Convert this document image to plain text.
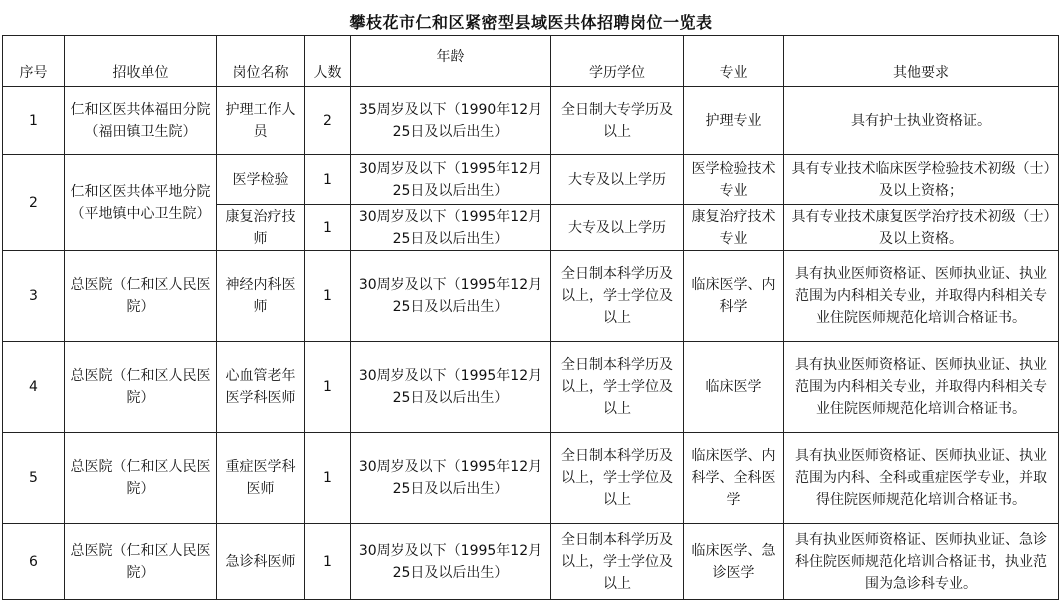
攀枝花市仁和区紧密型县域医共体招聘岗位一览表
序号	招收单位	岗位名称	人数	年龄	学历学位	专业	其他要求
1	仁和区医共体福田分院（福田镇卫生院）	护理工作人员	2	35周岁及以下（1990年12月25日及以后出生）	全日制大专学历及以上	护理专业	具有护士执业资格证。
2	仁和区医共体平地分院（平地镇中心卫生院）	医学检验	1	30周岁及以下（1995年12月25日及以后出生）	大专及以上学历	医学检验技术专业	具有专业技术临床医学检验技术初级（士）及以上资格；
		康复治疗技师	1	30周岁及以下（1995年12月25日及以后出生）	大专及以上学历	康复治疗技术专业	具有专业技术康复医学治疗技术初级（士）及以上资格。
3	总医院（仁和区人民医院）	神经内科医师	1	30周岁及以下（1995年12月25日及以后出生）	全日制本科学历及以上，学士学位及以上	临床医学、内科学	具有执业医师资格证、医师执业证、执业范围为内科相关专业，并取得内科相关专业住院医师规范化培训合格证书。
4	总医院（仁和区人民医院）	心血管老年医学科医师	1	30周岁及以下（1995年12月25日及以后出生）	全日制本科学历及以上，学士学位及以上	临床医学	具有执业医师资格证、医师执业证、执业范围为内科相关专业，并取得内科相关专业住院医师规范化培训合格证书。
5	总医院（仁和区人民医院）	重症医学科医师	1	30周岁及以下（1995年12月25日及以后出生）	全日制本科学历及以上，学士学位及以上	临床医学、内科学、全科医学	具有执业医师资格证、医师执业证、执业范围为内科、全科或重症医学专业，并取得住院医师规范化培训合格证书。
6	总医院（仁和区人民医院）	急诊科医师	1	30周岁及以下（1995年12月25日及以后出生）	全日制本科学历及以上，学士学位及以上	临床医学、急诊医学	具有执业医师资格证、医师执业证、急诊科住院医师规范化培训合格证书，执业范围为急诊科专业。
